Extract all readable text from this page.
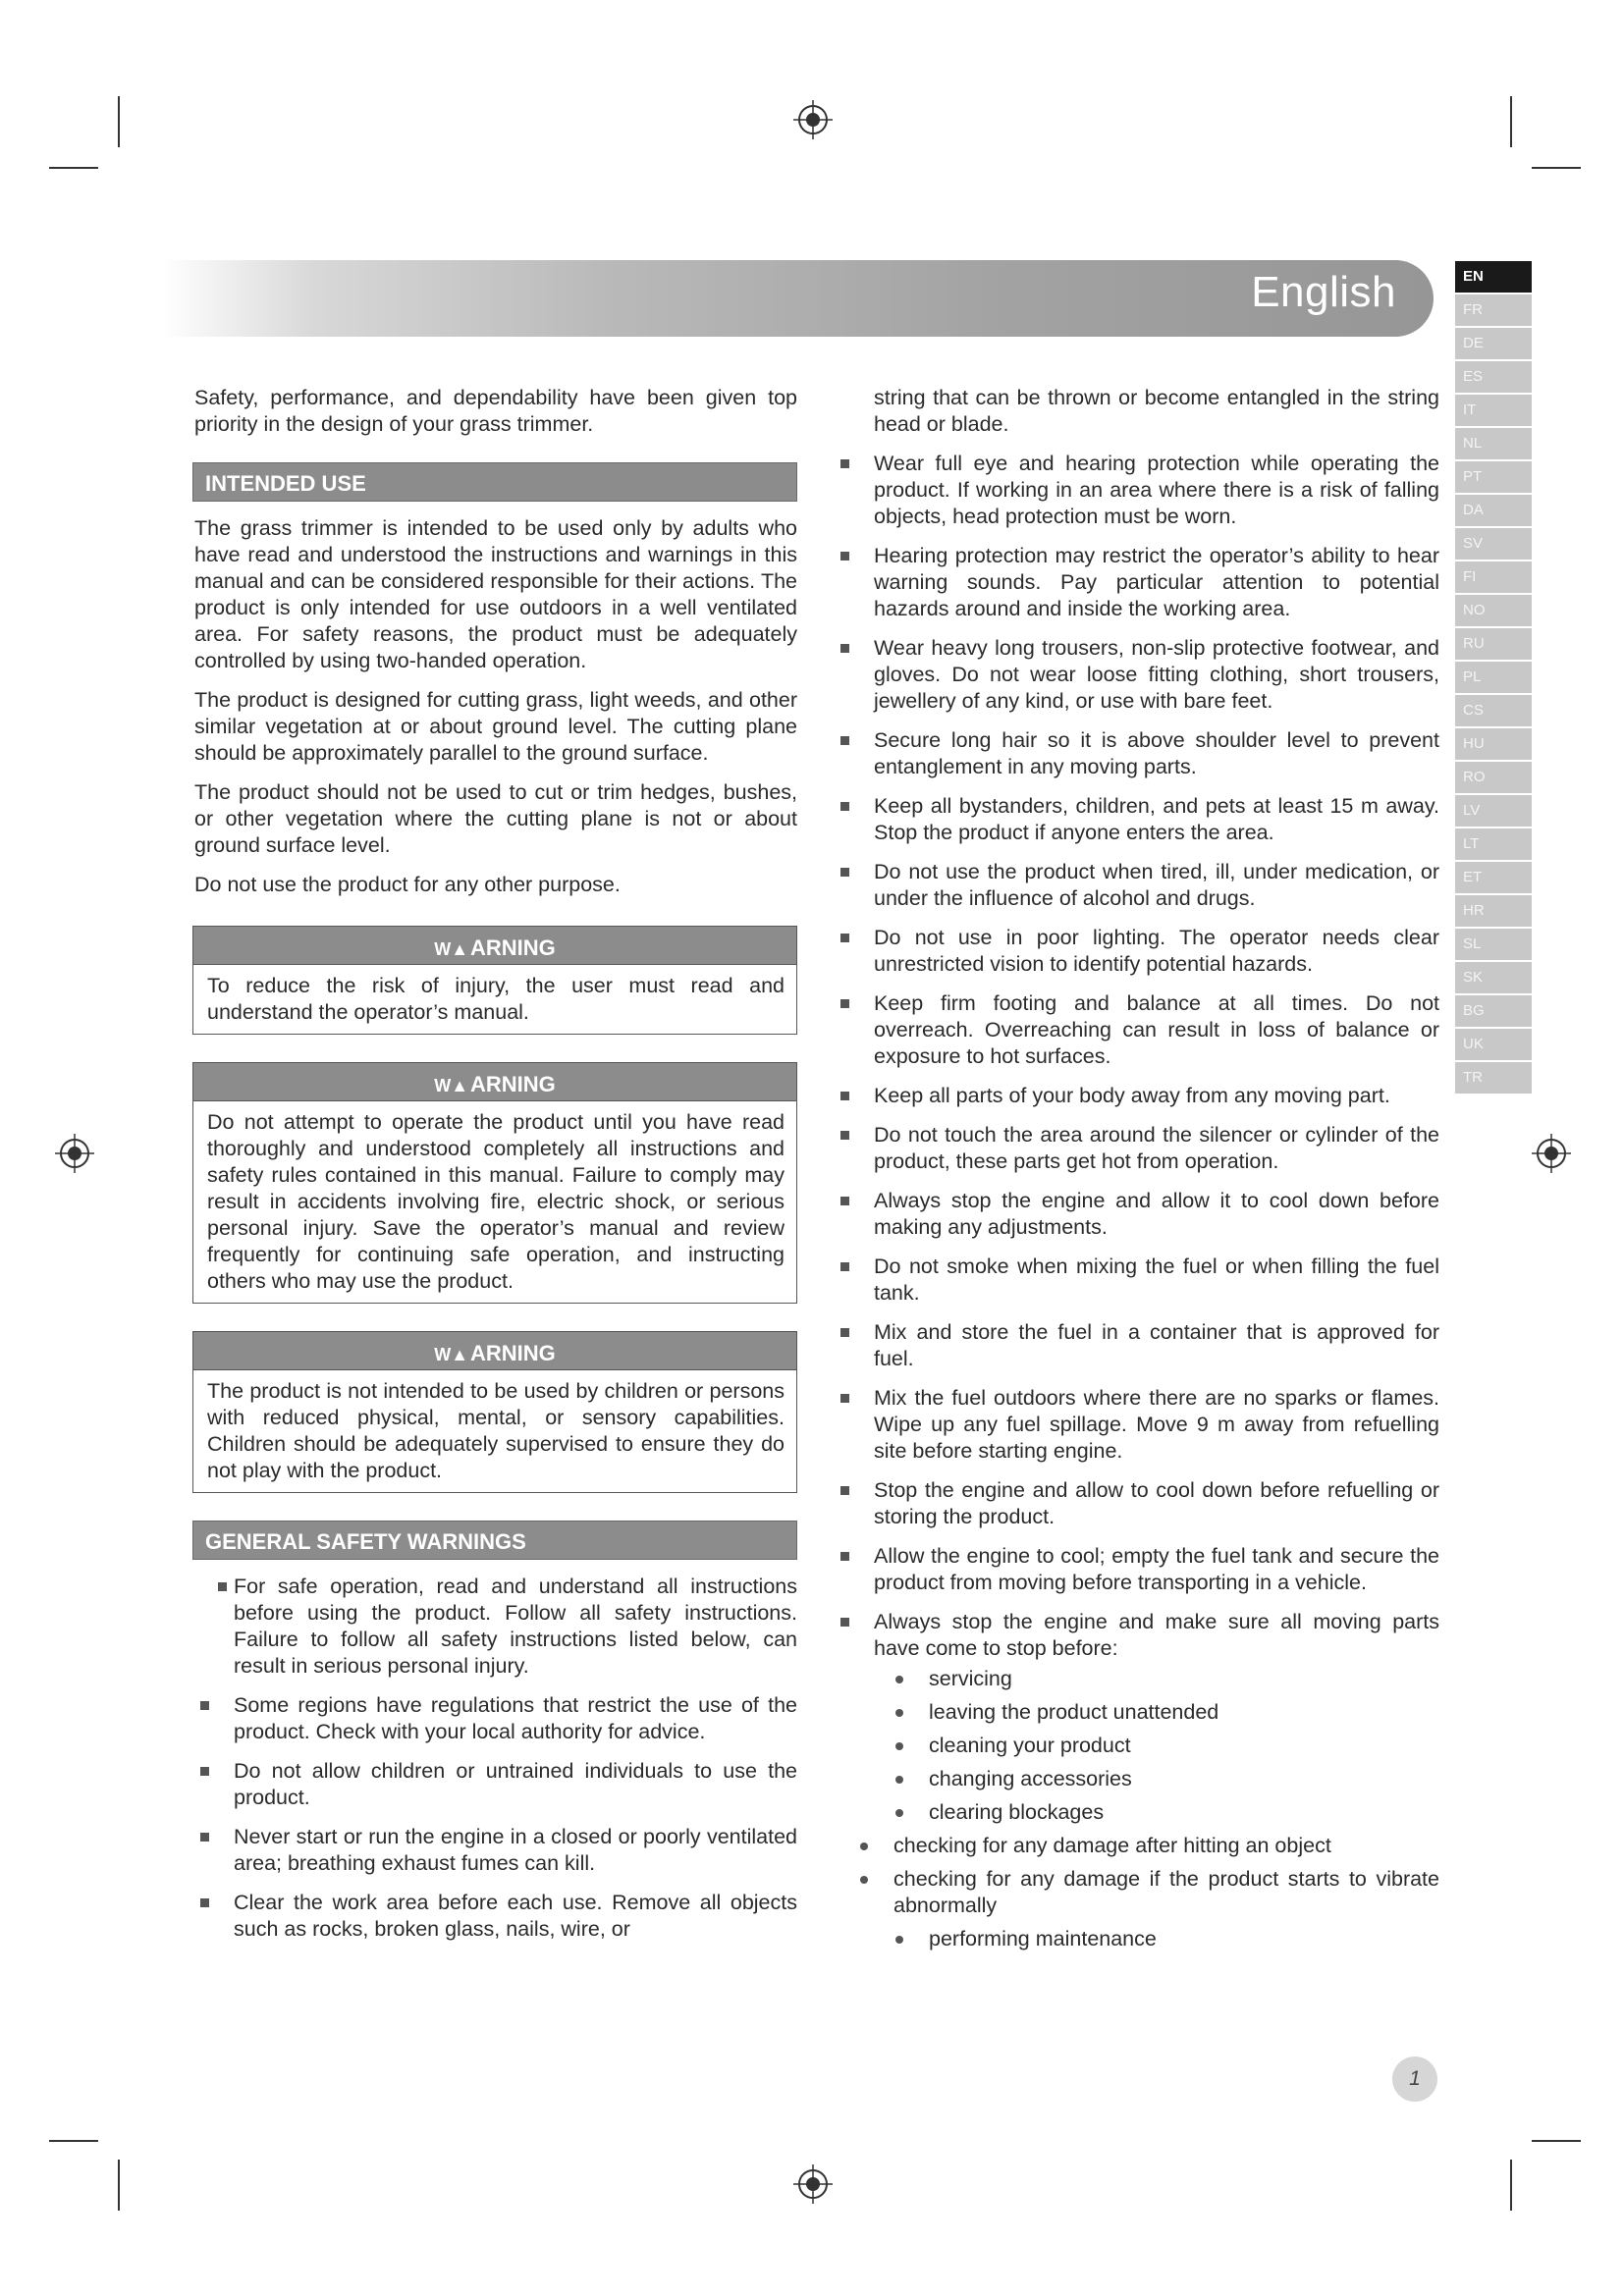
English	EN
FR
DE
ES
IT
NL
PT
DA
SV
FI
NO
RU
PL
CS
HU
RO
LV
LT
ET
HR
SL
SK
BG
UK
TR

Safety, performance, and dependability have been given top priority in the design of your grass trimmer.

INTENDED USE

The grass trimmer is intended to be used only by adults who have read and understood the instructions and warnings in this manual and can be considered responsible for their actions. The product is only intended for use outdoors in a well ventilated area. For safety reasons, the product must be adequately controlled by using two-handed operation.

The product is designed for cutting grass, light weeds, and other similar vegetation at or about ground level. The cutting plane should be approximately parallel to the ground surface.

The product should not be used to cut or trim hedges, bushes, or other vegetation where the cutting plane is not or about ground surface level.

Do not use the product for any other purpose.

W▲ARNING
To reduce the risk of injury, the user must read and understand the operator’s manual.
W▲ARNING
Do not attempt to operate the product until you have read thoroughly and understood completely all instructions and safety rules contained in this manual. Failure to comply may result in accidents involving fire, electric shock, or serious personal injury. Save the operator’s manual and review frequently for continuing safe operation, and instructing others who may use the product.
W▲ARNING
The product is not intended to be used by children or persons with reduced physical, mental, or sensory capabilities. Children should be adequately supervised to ensure they do not play with the product.
GENERAL SAFETY WARNINGS
For safe operation, read and understand all instructions before using the product. Follow all safety instructions. Failure to follow all safety instructions listed below, can result in serious personal injury.
Some regions have regulations that restrict the use of the product. Check with your local authority for advice.
Do not allow children or untrained individuals to use the product.
Never start or run the engine in a closed or poorly ventilated area; breathing exhaust fumes can kill.
Clear the work area before each use. Remove all objects such as rocks, broken glass, nails, wire, or

string that can be thrown or become entangled in the string head or blade.

Wear full eye and hearing protection while operating the product. If working in an area where there is a risk of falling objects, head protection must be worn.
Hearing protection may restrict the operator’s ability to hear warning sounds. Pay particular attention to potential hazards around and inside the working area.
Wear heavy long trousers, non-slip protective footwear, and gloves. Do not wear loose fitting clothing, short trousers, jewellery of any kind, or use with bare feet.
Secure long hair so it is above shoulder level to prevent entanglement in any moving parts.
Keep all bystanders, children, and pets at least 15 m away. Stop the product if anyone enters the area.
Do not use the product when tired, ill, under medication, or under the influence of alcohol and drugs.
Do not use in poor lighting. The operator needs clear unrestricted vision to identify potential hazards.
Keep firm footing and balance at all times. Do not overreach. Overreaching can result in loss of balance or exposure to hot surfaces.
Keep all parts of your body away from any moving part.
Do not touch the area around the silencer or cylinder of the product, these parts get hot from operation.
Always stop the engine and allow it to cool down before making any adjustments.
Do not smoke when mixing the fuel or when filling the fuel tank.
Mix and store the fuel in a container that is approved for fuel.
Mix the fuel outdoors where there are no sparks or flames. Wipe up any fuel spillage. Move 9 m away from refuelling site before starting engine.
Stop the engine and allow to cool down before refuelling or storing the product.
Allow the engine to cool; empty the fuel tank and secure the product from moving before transporting in a vehicle.
Always stop the engine and make sure all moving parts have come to stop before:
servicing
leaving the product unattended
cleaning your product
changing accessories
clearing blockages
checking for any damage after hitting an object
checking for any damage if the product starts to vibrate abnormally
performing maintenance
1
